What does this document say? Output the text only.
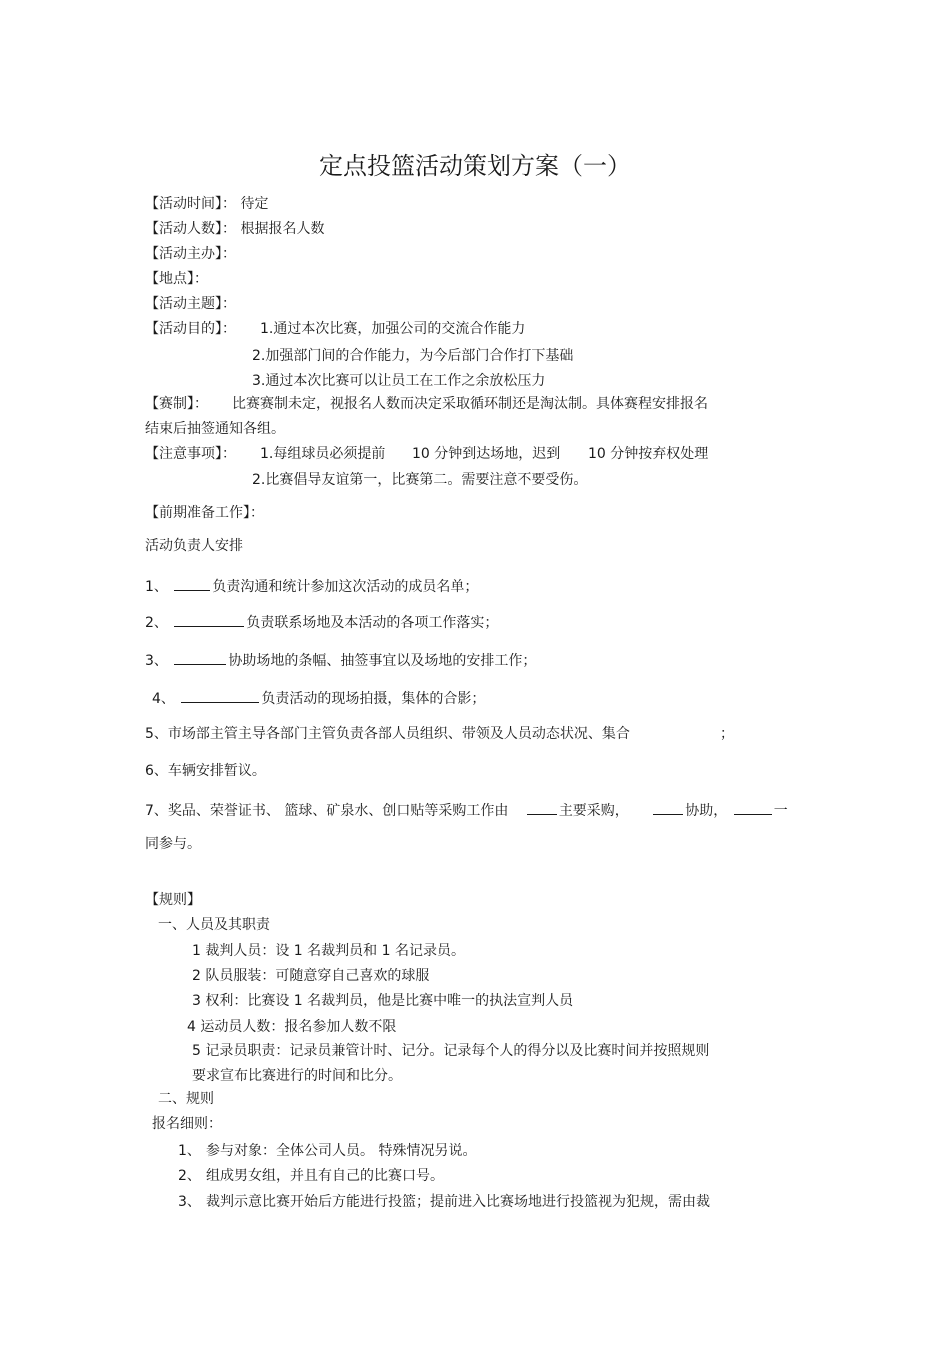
定点投篮活动策划方案（一）
【活动时间】： 待定
【活动人数】： 根据报名人数
【活动主办】：
【地点】：
【活动主题】：
【活动目的】： 1.通过本次比赛，加强公司的交流合作能力
2.加强部门间的合作能力，为今后部门合作打下基础
3.通过本次比赛可以让员工在工作之余放松压力
【赛制】： 比赛赛制未定，视报名人数而决定采取循环制还是淘汰制。具体赛程安排报名
结束后抽签通知各组。
【注意事项】： 1.每组球员必须提前 10 分钟到达场地，迟到 10 分钟按弃权处理
2.比赛倡导友谊第一，比赛第二。需要注意不要受伤。
【前期准备工作】：
活动负责人安排
1、	负责沟通和统计参加这次活动的成员名单；
2、	负责联系场地及本活动的各项工作落实；
3、	协助场地的条幅、抽签事宜以及场地的安排工作；
4、	负责活动的现场拍摄，集体的合影；
5、市场部主管主导各部门主管负责各部人员组织、带领及人员动态状况、集合	；
6、车辆安排暂议。
7、奖品、荣誉证书、 篮球、矿泉水、创口贴等采购工作由	主要采购，	协助，	一
同参与。
【规则】
一、人员及其职责
1 裁判人员：设 1 名裁判员和 1 名记录员。
2 队员服装：可随意穿自己喜欢的球服
3 权利：比赛设 1 名裁判员，他是比赛中唯一的执法宣判人员
4 运动员人数：报名参加人数不限
5 记录员职责：记录员兼管计时、记分。记录每个人的得分以及比赛时间并按照规则
要求宣布比赛进行的时间和比分。
二、规则
报名细则：
1、 参与对象：全体公司人员。 特殊情况另说。
2、 组成男女组，并且有自己的比赛口号。
3、 裁判示意比赛开始后方能进行投篮；提前进入比赛场地进行投篮视为犯规，需由裁
